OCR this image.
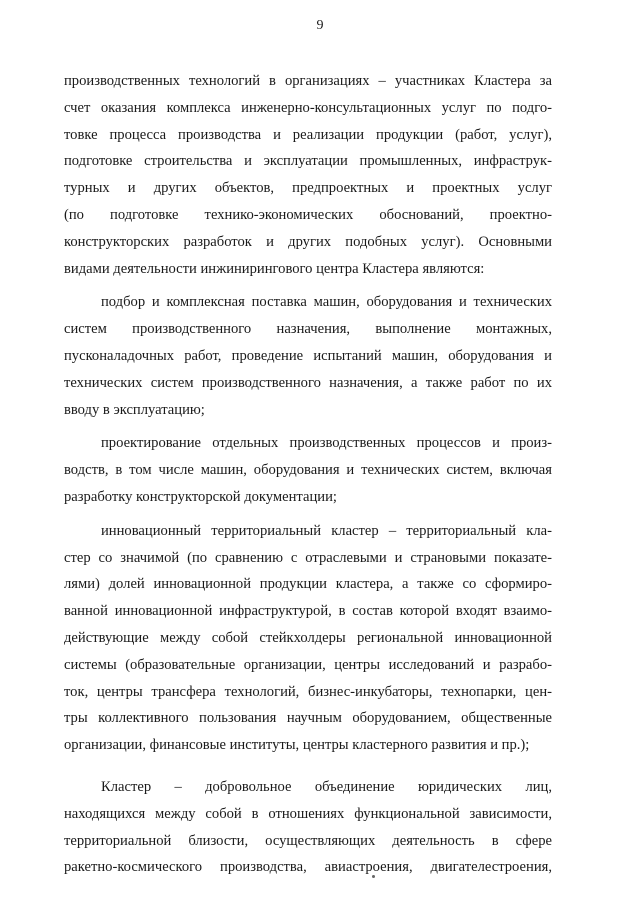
9
производственных технологий в организациях – участниках Кластера за
счет оказания комплекса инженерно-консультационных услуг по подго-
товке процесса производства и реализации продукции (работ, услуг),
подготовке строительства и эксплуатации промышленных, инфраструк-
турных и других объектов, предпроектных и проектных услуг
(по подготовке технико-экономических обоснований, проектно-
конструкторских разработок и других подобных услуг). Основными
видами деятельности инжинирингового центра Кластера являются:
подбор и комплексная поставка машин, оборудования и технических
систем производственного назначения, выполнение монтажных,
пусконаладочных работ, проведение испытаний машин, оборудования и
технических систем производственного назначения, а также работ по их
вводу в эксплуатацию;
проектирование отдельных производственных процессов и произ-
водств, в том числе машин, оборудования и технических систем, включая
разработку конструкторской документации;
инновационный территориальный кластер – территориальный кла-
стер со значимой (по сравнению с отраслевыми и страновыми показате-
лями) долей инновационной продукции кластера, а также со сформиро-
ванной инновационной инфраструктурой, в состав которой входят взаимо-
действующие между собой стейкхолдеры региональной инновационной
системы (образовательные организации, центры исследований и разрабо-
ток, центры трансфера технологий, бизнес-инкубаторы, технопарки, цен-
тры коллективного пользования научным оборудованием, общественные
организации, финансовые институты, центры кластерного развития и пр.);
Кластер – добровольное объединение юридических лиц,
находящихся между собой в отношениях функциональной зависимости,
территориальной близости, осуществляющих деятельность в сфере
ракетно-космического производства, авиастроения, двигателестроения,
